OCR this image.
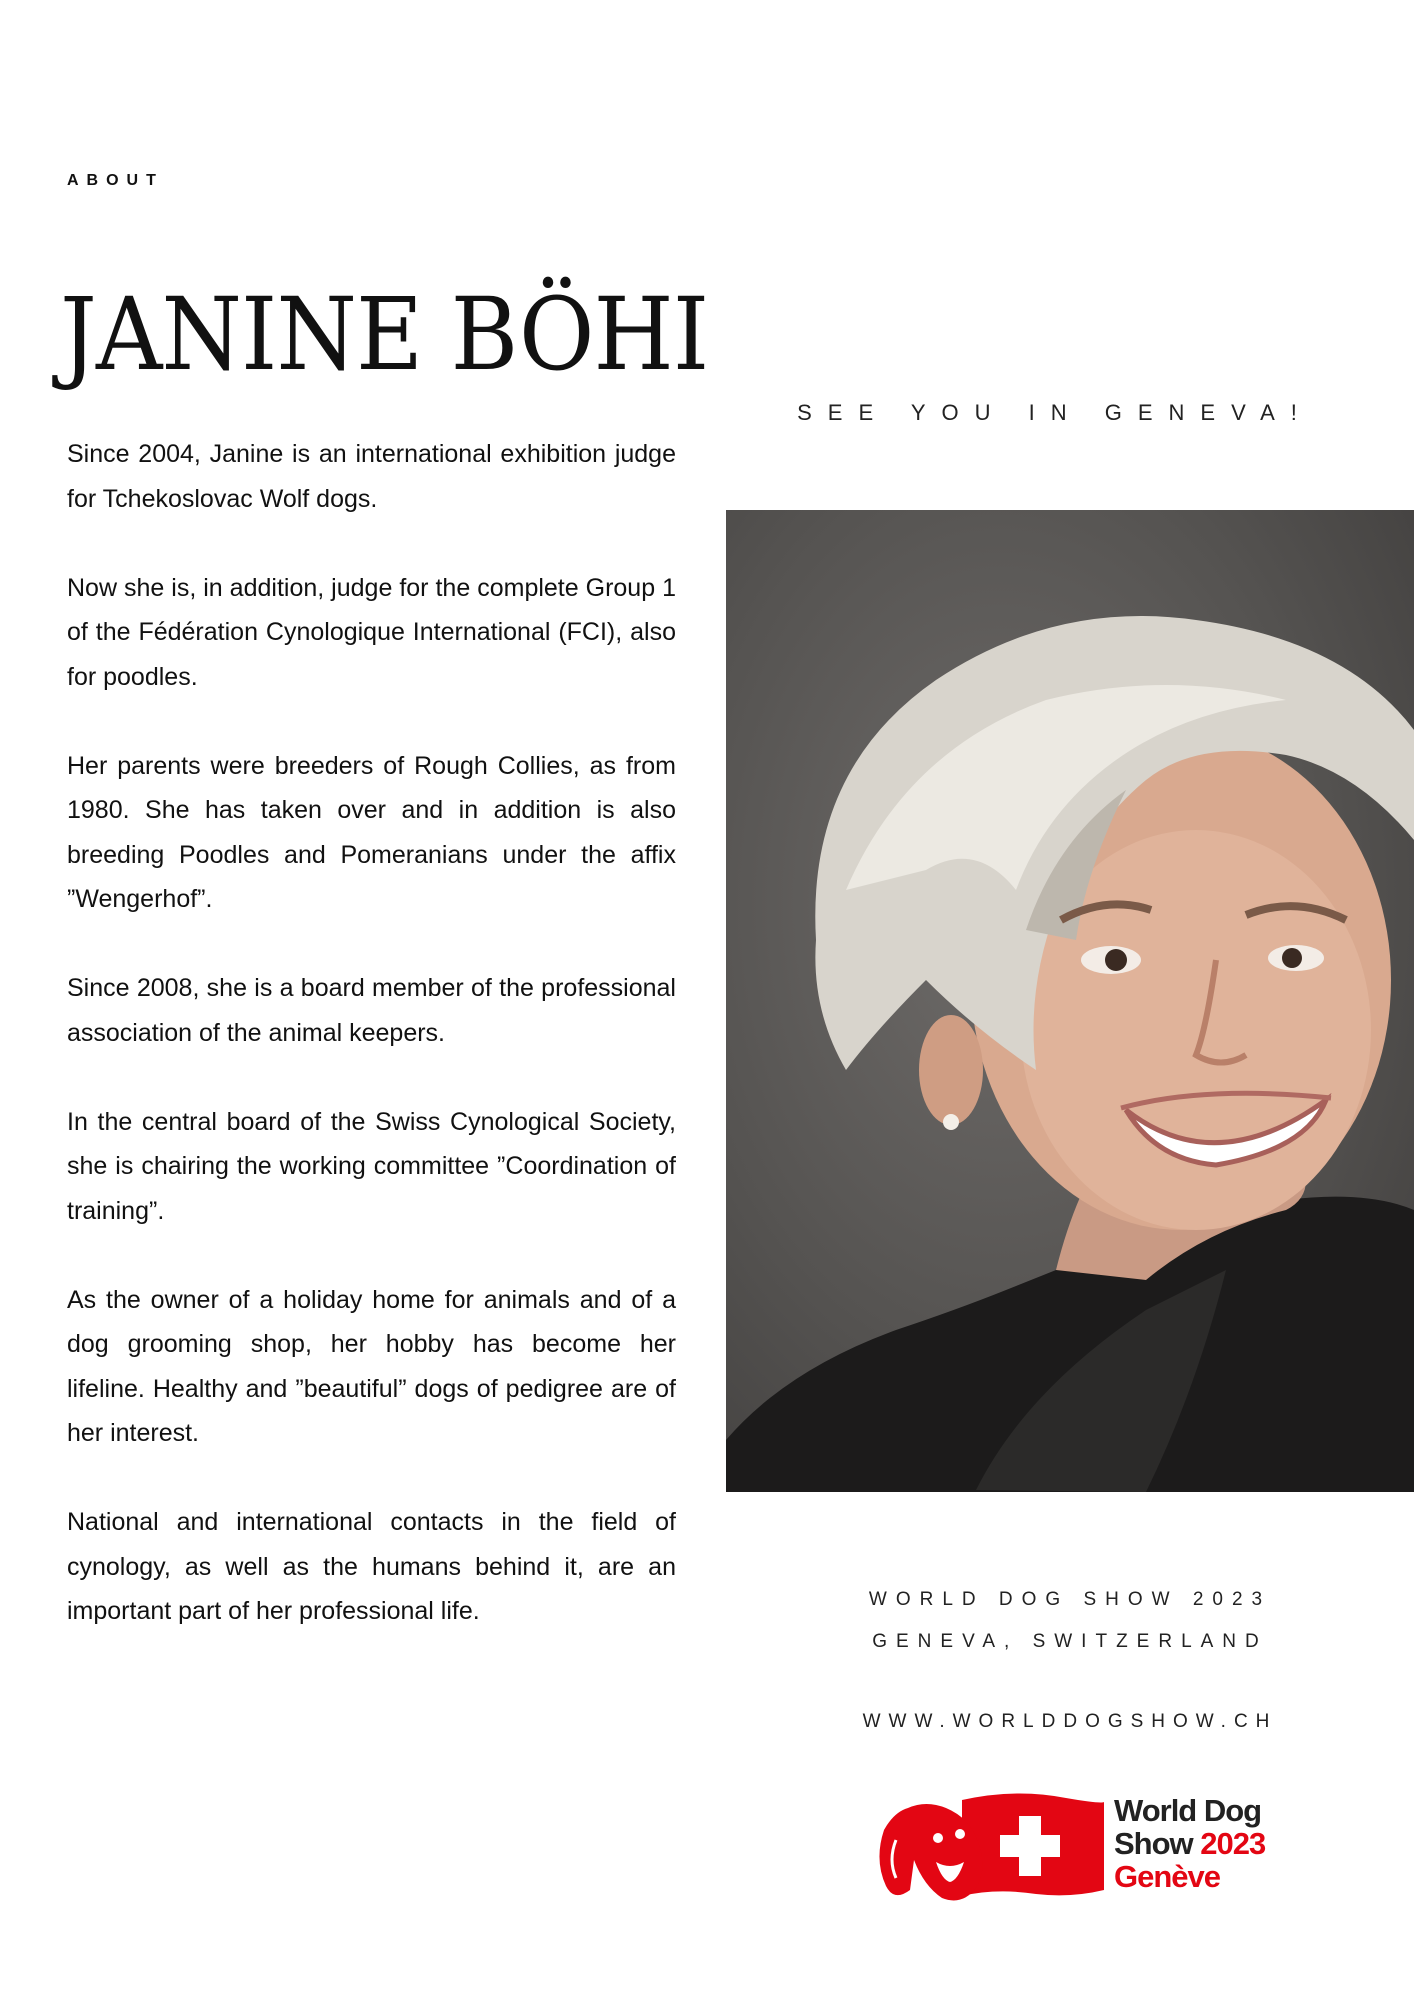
ABOUT
JANINE BÖHI

Since 2004, Janine is an international exhibition judge for Tchekoslovac Wolf dogs.

Now she is, in addition, judge for the complete Group 1 of the Fédération Cynologique International (FCI), also for poodles.

Her parents were breeders of Rough Collies, as from 1980. She has taken over and in addition is also breeding Poodles and Pomeranians under the affix ”Wengerhof”.

Since 2008, she is a board member of the professional association of the animal keepers.

In the central board of the Swiss Cynological Society, she is chairing the working committee ”Coordination of training”.

As the owner of a holiday home for animals and of a dog grooming shop, her hobby has become her lifeline. Healthy and ”beautiful” dogs of pedigree are of her interest.

National and international contacts in the field of cynology, as well as the humans behind it, are an important part of her professional life.

SEE YOU IN GENEVA!
WORLD DOG SHOW 2023
GENEVA, SWITZERLAND
WWW.WORLDDOGSHOW.CH
World Dog
Show 2023
Genève
